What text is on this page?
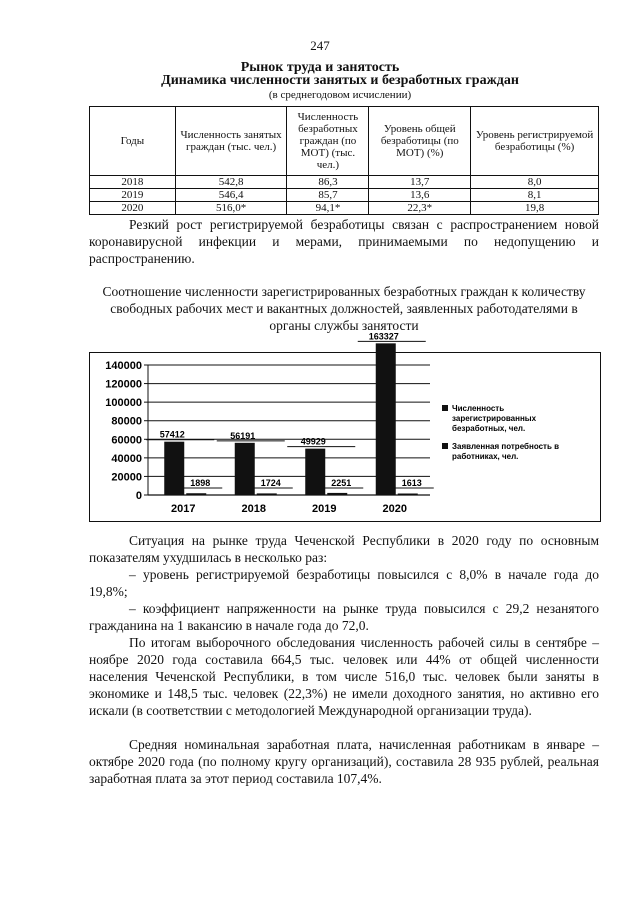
247
Рынок труда и занятость
Динамика численности занятых и безработных граждан
(в среднегодовом исчислении)
Годы	Численность занятых граждан (тыс. чел.)	Численность безработных граждан (по МОТ) (тыс. чел.)	Уровень общей безработицы (по МОТ) (%)	Уровень регистрируемой безработицы (%)
2018	542,8	86,3	13,7	8,0
2019	546,4	85,7	13,6	8,1
2020	516,0*	94,1*	22,3*	19,8

Резкий рост регистрируемой безработицы связан с распространением новой коронавирусной инфекции и мерами, принимаемыми по недопущению и распространению.

Соотношение численности зарегистрированных безработных граждан к количеству свободных рабочих мест и вакантных должностей, заявленных работодателями в органы службы занятости
0
20000
40000
60000
80000
100000
120000
140000
57412
1898
2017
56191
1724
2018
49929
2251
2019
163327
1613
2020
Численность зарегистрированных безработных, чел.
Заявленная потребность в работниках, чел.

Ситуация на рынке труда Чеченской Республики в 2020 году по основным показателям ухудшилась в несколько раз:

– уровень регистрируемой безработицы повысился с 8,0% в начале года до 19,8%;

– коэффициент напряженности на рынке труда повысился с 29,2 незанятого гражданина на 1 вакансию в начале года до 72,0.

По итогам выборочного обследования численность рабочей силы в сентябре – ноябре 2020 года составила 664,5 тыс. человек или 44% от общей численности населения Чеченской Республики, в том числе 516,0 тыс. человек были заняты в экономике и 148,5 тыс. человек (22,3%) не имели доходного занятия, но активно его искали (в соответствии с методологией Международной организации труда).

Средняя номинальная заработная плата, начисленная работникам в январе – октябре 2020 года (по полному кругу организаций), составила 28 935 рублей, реальная заработная плата за этот период составила 107,4%.
